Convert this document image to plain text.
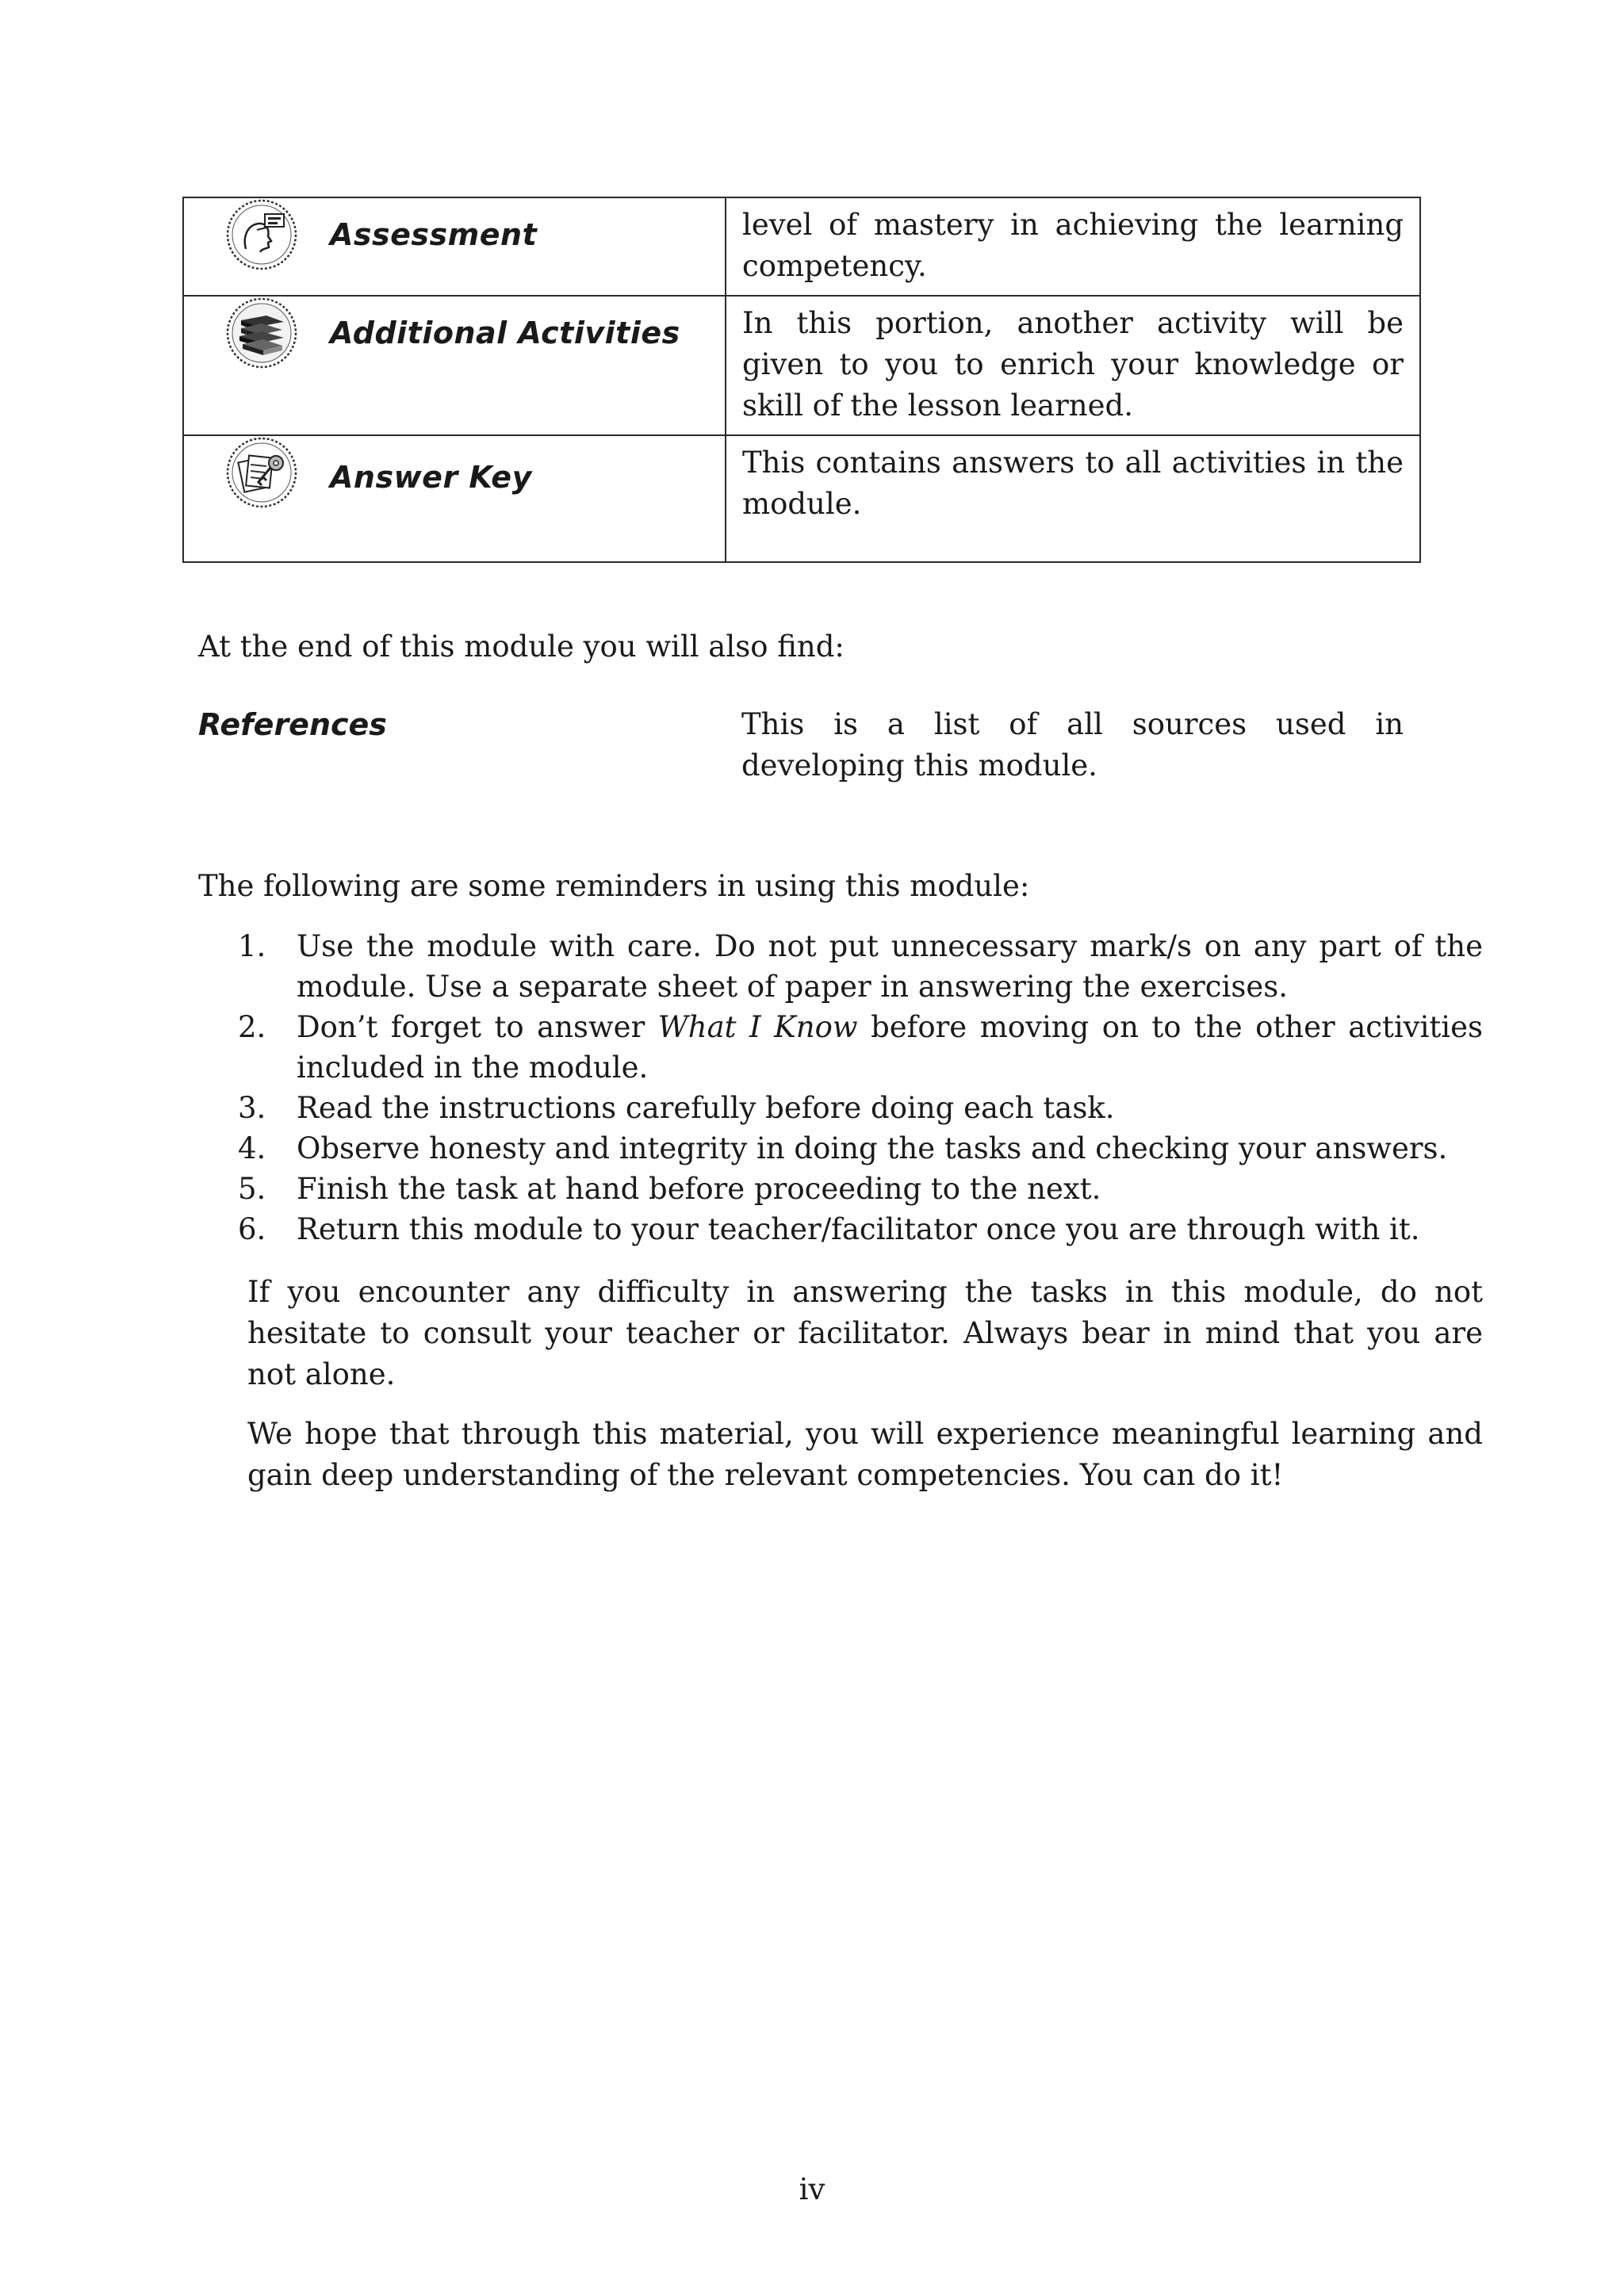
Assessment	level of mastery in achieving the learning competency.

Additional Activities	In this portion, another activity will be given to you to enrich your knowledge or skill of the lesson learned.

Answer Key	This contains answers to all activities in the module.
At the end of this module you will also find:
References	This is a list of all sources used in developing this module.
The following are some reminders in using this module:
1.	Use the module with care. Do not put unnecessary mark/s on any part of the module. Use a separate sheet of paper in answering the exercises.
2.	Don’t forget to answer What I Know before moving on to the other activities included in the module.
3.	Read the instructions carefully before doing each task.
4.	Observe honesty and integrity in doing the tasks and checking your answers.
5.	Finish the task at hand before proceeding to the next.
6.	Return this module to your teacher/facilitator once you are through with it.
If you encounter any difficulty in answering the tasks in this module, do not hesitate to consult your teacher or facilitator. Always bear in mind that you are not alone.
We hope that through this material, you will experience meaningful learning and gain deep understanding of the relevant competencies. You can do it!
iv
